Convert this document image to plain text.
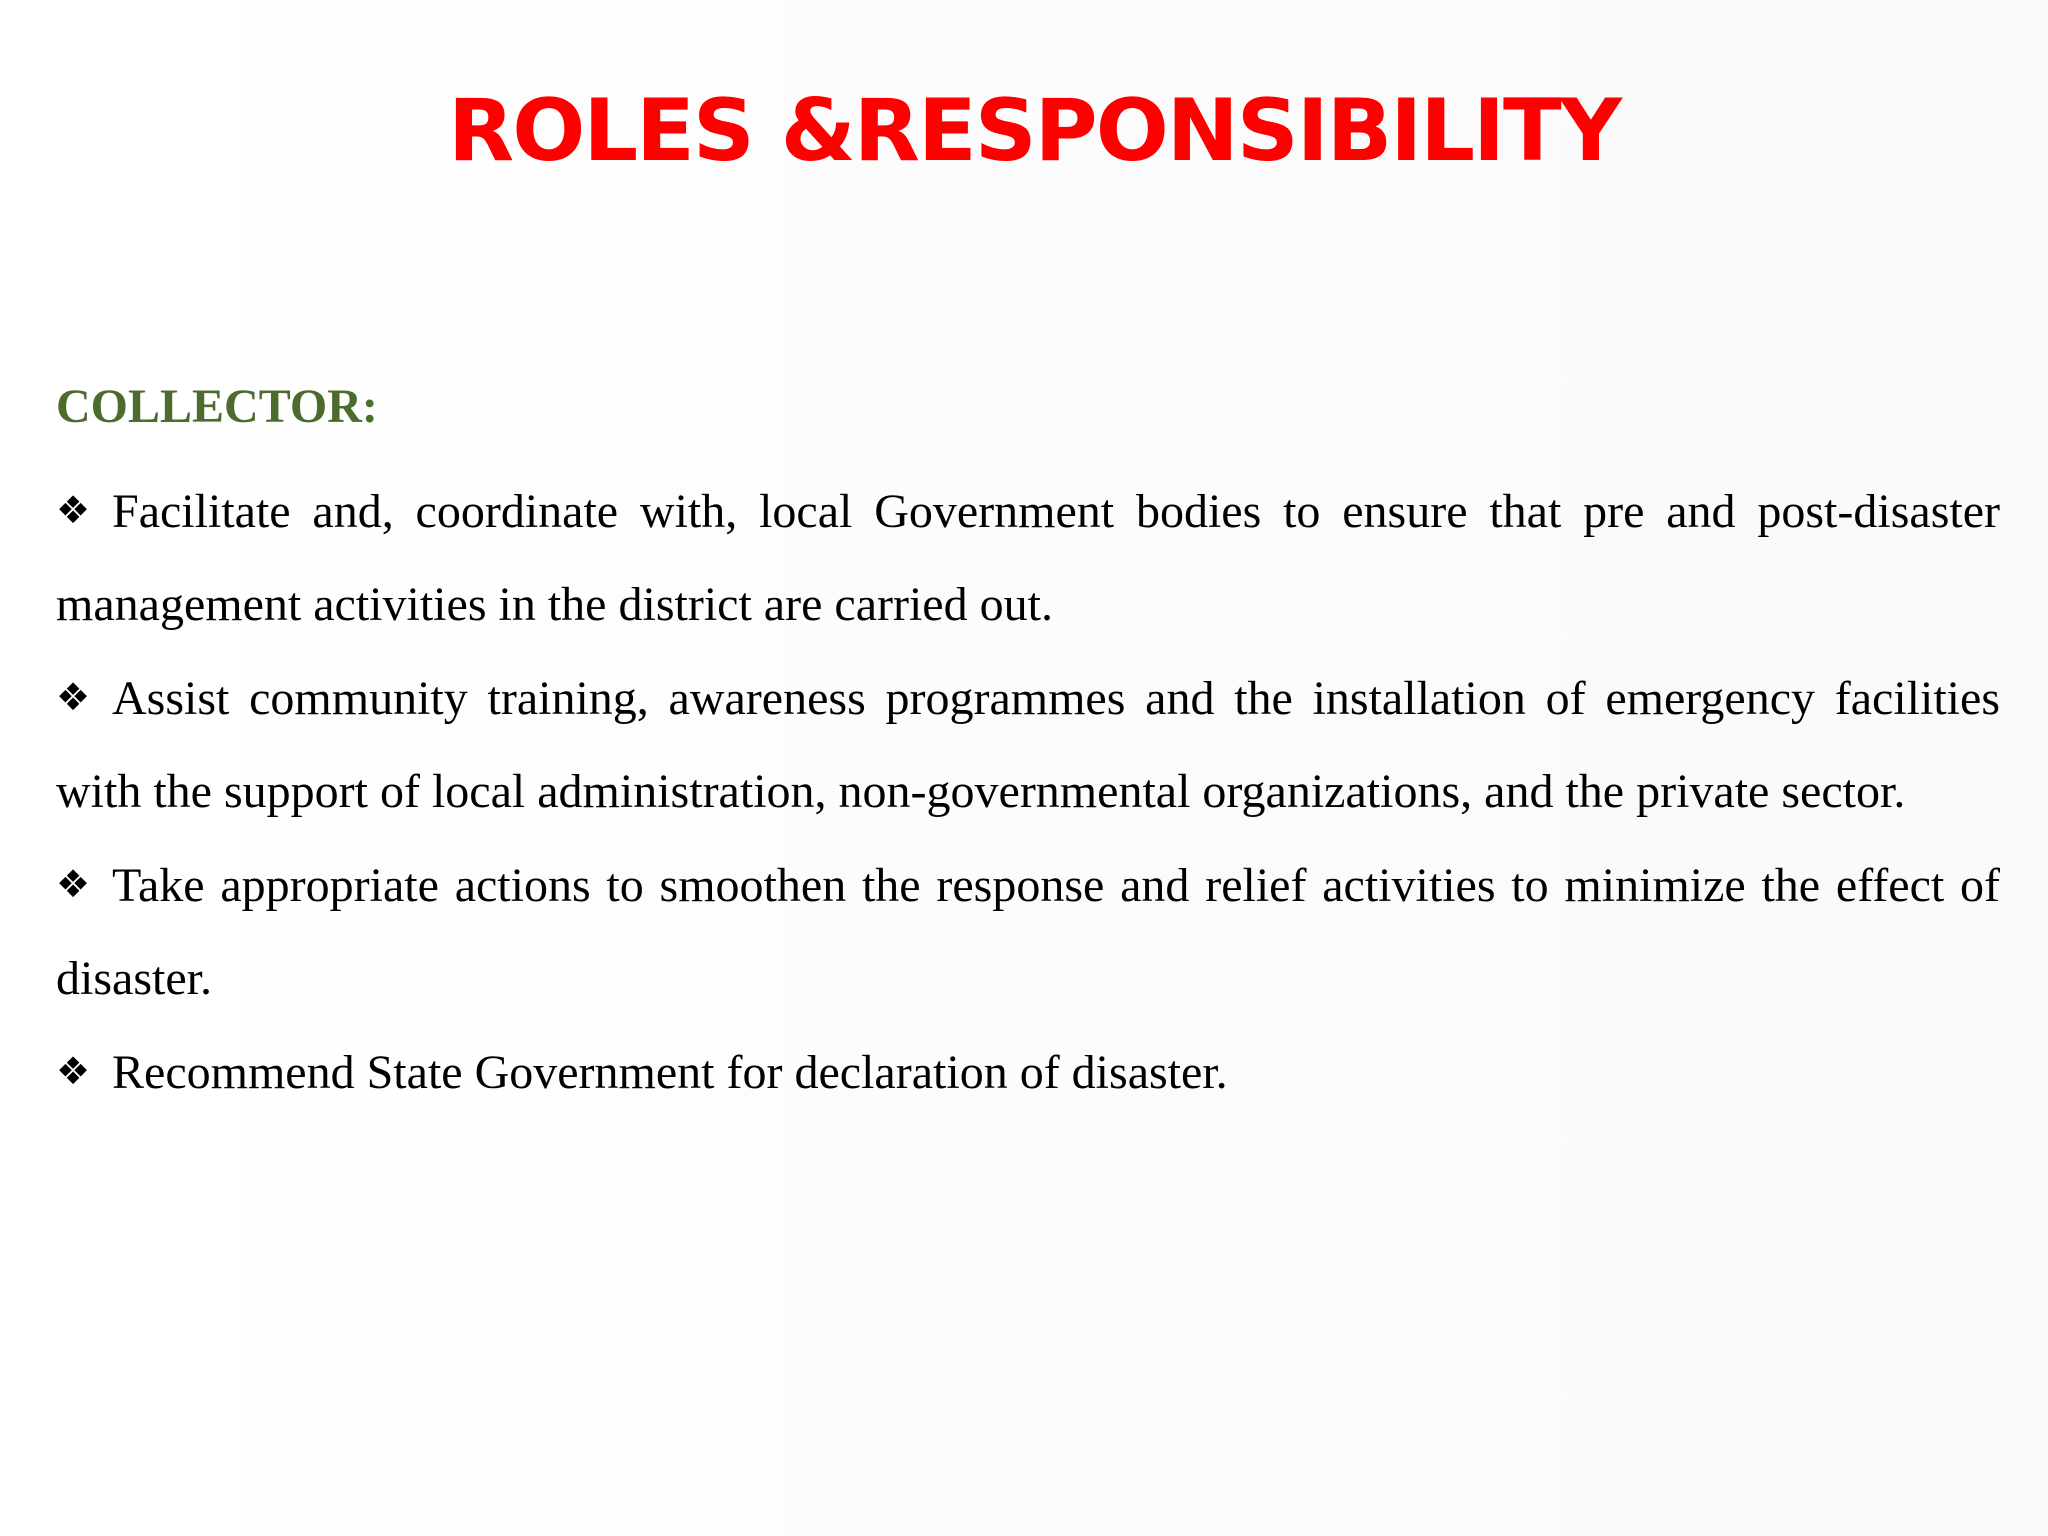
ROLES &RESPONSIBILITY
COLLECTOR:

❖ Facilitate and, coordinate with, local Government bodies to ensure that pre and post-disaster management activities in the district are carried out.

❖ Assist community training, awareness programmes and the installation of emergency facilities with the support of local administration, non-governmental organizations, and the private sector.

❖ Take appropriate actions to smoothen the response and relief activities to minimize the effect of disaster.

❖ Recommend State Government for declaration of disaster.
